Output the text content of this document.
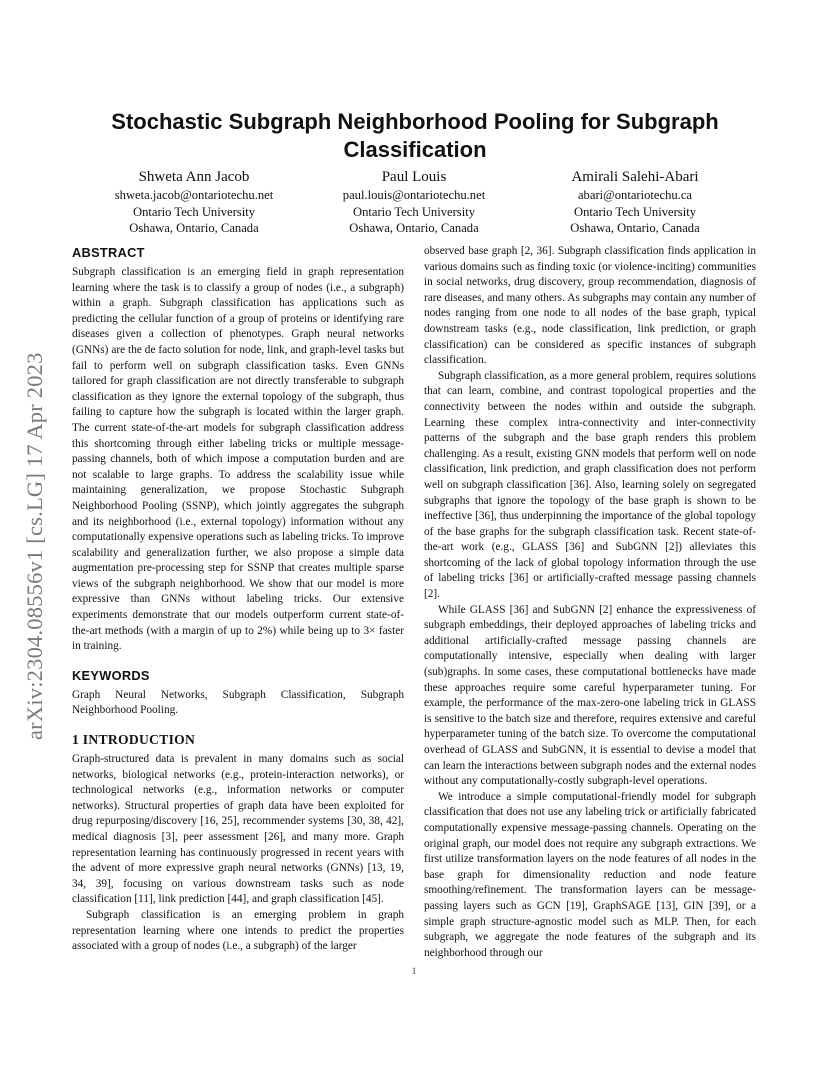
arXiv:2304.08556v1 [cs.LG] 17 Apr 2023
Stochastic Subgraph Neighborhood Pooling for Subgraph Classification
Shweta Ann Jacob
shweta.jacob@ontariotechu.net
Ontario Tech University
Oshawa, Ontario, Canada
Paul Louis
paul.louis@ontariotechu.net
Ontario Tech University
Oshawa, Ontario, Canada
Amirali Salehi-Abari
abari@ontariotechu.ca
Ontario Tech University
Oshawa, Ontario, Canada
ABSTRACT

Subgraph classification is an emerging field in graph representation learning where the task is to classify a group of nodes (i.e., a subgraph) within a graph. Subgraph classification has applications such as predicting the cellular function of a group of proteins or identifying rare diseases given a collection of phenotypes. Graph neural networks (GNNs) are the de facto solution for node, link, and graph-level tasks but fail to perform well on subgraph classification tasks. Even GNNs tailored for graph classification are not directly transferable to subgraph classification as they ignore the external topology of the subgraph, thus failing to capture how the subgraph is located within the larger graph. The current state-of-the-art models for subgraph classification address this shortcoming through either labeling tricks or multiple message-passing channels, both of which impose a computation burden and are not scalable to large graphs. To address the scalability issue while maintaining generalization, we propose Stochastic Subgraph Neighborhood Pooling (SSNP), which jointly aggregates the subgraph and its neighborhood (i.e., external topology) information without any computationally expensive operations such as labeling tricks. To improve scalability and generalization further, we also propose a simple data augmentation pre-processing step for SSNP that creates multiple sparse views of the subgraph neighborhood. We show that our model is more expressive than GNNs without labeling tricks. Our extensive experiments demonstrate that our models outperform current state-of-the-art methods (with a margin of up to 2%) while being up to 3× faster in training.

KEYWORDS

Graph Neural Networks, Subgraph Classification, Subgraph Neighborhood Pooling.

1 INTRODUCTION

Graph-structured data is prevalent in many domains such as social networks, biological networks (e.g., protein-interaction networks), or technological networks (e.g., information networks or computer networks). Structural properties of graph data have been exploited for drug repurposing/discovery [16, 25], recommender systems [30, 38, 42], medical diagnosis [3], peer assessment [26], and many more. Graph representation learning has continuously progressed in recent years with the advent of more expressive graph neural networks (GNNs) [13, 19, 34, 39], focusing on various downstream tasks such as node classification [11], link prediction [44], and graph classification [45].

Subgraph classification is an emerging problem in graph representation learning where one intends to predict the properties associated with a group of nodes (i.e., a subgraph) of the larger

observed base graph [2, 36]. Subgraph classification finds application in various domains such as finding toxic (or violence-inciting) communities in social networks, drug discovery, group recommendation, diagnosis of rare diseases, and many others. As subgraphs may contain any number of nodes ranging from one node to all nodes of the base graph, typical downstream tasks (e.g., node classification, link prediction, or graph classification) can be considered as specific instances of subgraph classification.

Subgraph classification, as a more general problem, requires solutions that can learn, combine, and contrast topological properties and the connectivity between the nodes within and outside the subgraph. Learning these complex intra-connectivity and inter-connectivity patterns of the subgraph and the base graph renders this problem challenging. As a result, existing GNN models that perform well on node classification, link prediction, and graph classification does not perform well on subgraph classification [36]. Also, learning solely on segregated subgraphs that ignore the topology of the base graph is shown to be ineffective [36], thus underpinning the importance of the global topology of the base graphs for the subgraph classification task. Recent state-of-the-art work (e.g., GLASS [36] and SubGNN [2]) alleviates this shortcoming of the lack of global topology information through the use of labeling tricks [36] or artificially-crafted message passing channels [2].

While GLASS [36] and SubGNN [2] enhance the expressiveness of subgraph embeddings, their deployed approaches of labeling tricks and additional artificially-crafted message passing channels are computationally intensive, especially when dealing with larger (sub)graphs. In some cases, these computational bottlenecks have made these approaches require some careful hyperparameter tuning. For example, the performance of the max-zero-one labeling trick in GLASS is sensitive to the batch size and therefore, requires extensive and careful hyperparameter tuning of the batch size. To overcome the computational overhead of GLASS and SubGNN, it is essential to devise a model that can learn the interactions between subgraph nodes and the external nodes without any computationally-costly subgraph-level operations.

We introduce a simple computational-friendly model for subgraph classification that does not use any labeling trick or artificially fabricated computationally expensive message-passing channels. Operating on the original graph, our model does not require any subgraph extractions. We first utilize transformation layers on the node features of all nodes in the base graph for dimensionality reduction and node feature smoothing/refinement. The transformation layers can be message-passing layers such as GCN [19], GraphSAGE [13], GIN [39], or a simple graph structure-agnostic model such as MLP. Then, for each subgraph, we aggregate the node features of the subgraph and its neighborhood through our

1
